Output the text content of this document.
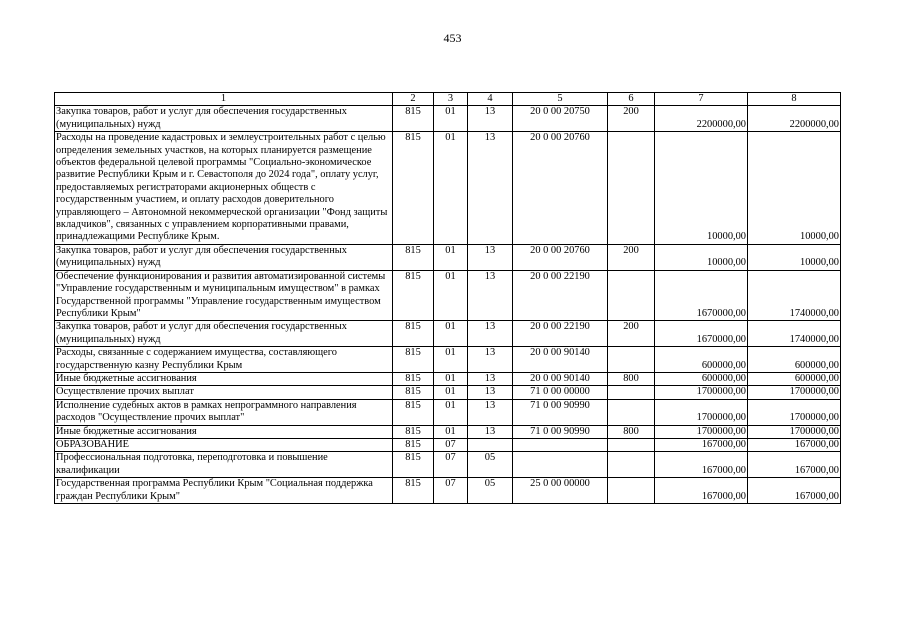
453
1	2	3	4	5	6	7	8
Закупка товаров, работ и услуг для обеспечения государственных (муниципальных) нужд	815	01	13	20 0 00 20750	200	2200000,00	2200000,00
Расходы на проведение кадастровых и землеустроительных работ с целью определения земельных участков, на которых планируется размещение объектов федеральной целевой программы "Социально-экономическое развитие Республики Крым и г. Севастополя до 2024 года", оплату услуг, предоставляемых регистраторами акционерных обществ с государственным участием, и оплату расходов доверительного управляющего – Автономной некоммерческой организации "Фонд защиты вкладчиков", связанных с управлением корпоративными правами, принадлежащими Республике Крым.	815	01	13	20 0 00 20760		10000,00	10000,00
Закупка товаров, работ и услуг для обеспечения государственных (муниципальных) нужд	815	01	13	20 0 00 20760	200	10000,00	10000,00
Обеспечение функционирования и развития автоматизированной системы "Управление государственным и муниципальным имуществом" в рамках Государственной программы "Управление государственным имуществом Республики Крым"	815	01	13	20 0 00 22190		1670000,00	1740000,00
Закупка товаров, работ и услуг для обеспечения государственных (муниципальных) нужд	815	01	13	20 0 00 22190	200	1670000,00	1740000,00
Расходы, связанные с содержанием имущества, составляющего государственную казну Республики Крым	815	01	13	20 0 00 90140		600000,00	600000,00
Иные бюджетные ассигнования	815	01	13	20 0 00 90140	800	600000,00	600000,00
Осуществление прочих выплат	815	01	13	71 0 00 00000		1700000,00	1700000,00
Исполнение судебных актов в рамках непрограммного направления расходов "Осуществление прочих выплат"	815	01	13	71 0 00 90990		1700000,00	1700000,00
Иные бюджетные ассигнования	815	01	13	71 0 00 90990	800	1700000,00	1700000,00
ОБРАЗОВАНИЕ	815	07				167000,00	167000,00
Профессиональная подготовка, переподготовка и повышение квалификации	815	07	05			167000,00	167000,00
Государственная программа Республики Крым "Социальная поддержка граждан Республики Крым"	815	07	05	25 0 00 00000		167000,00	167000,00
